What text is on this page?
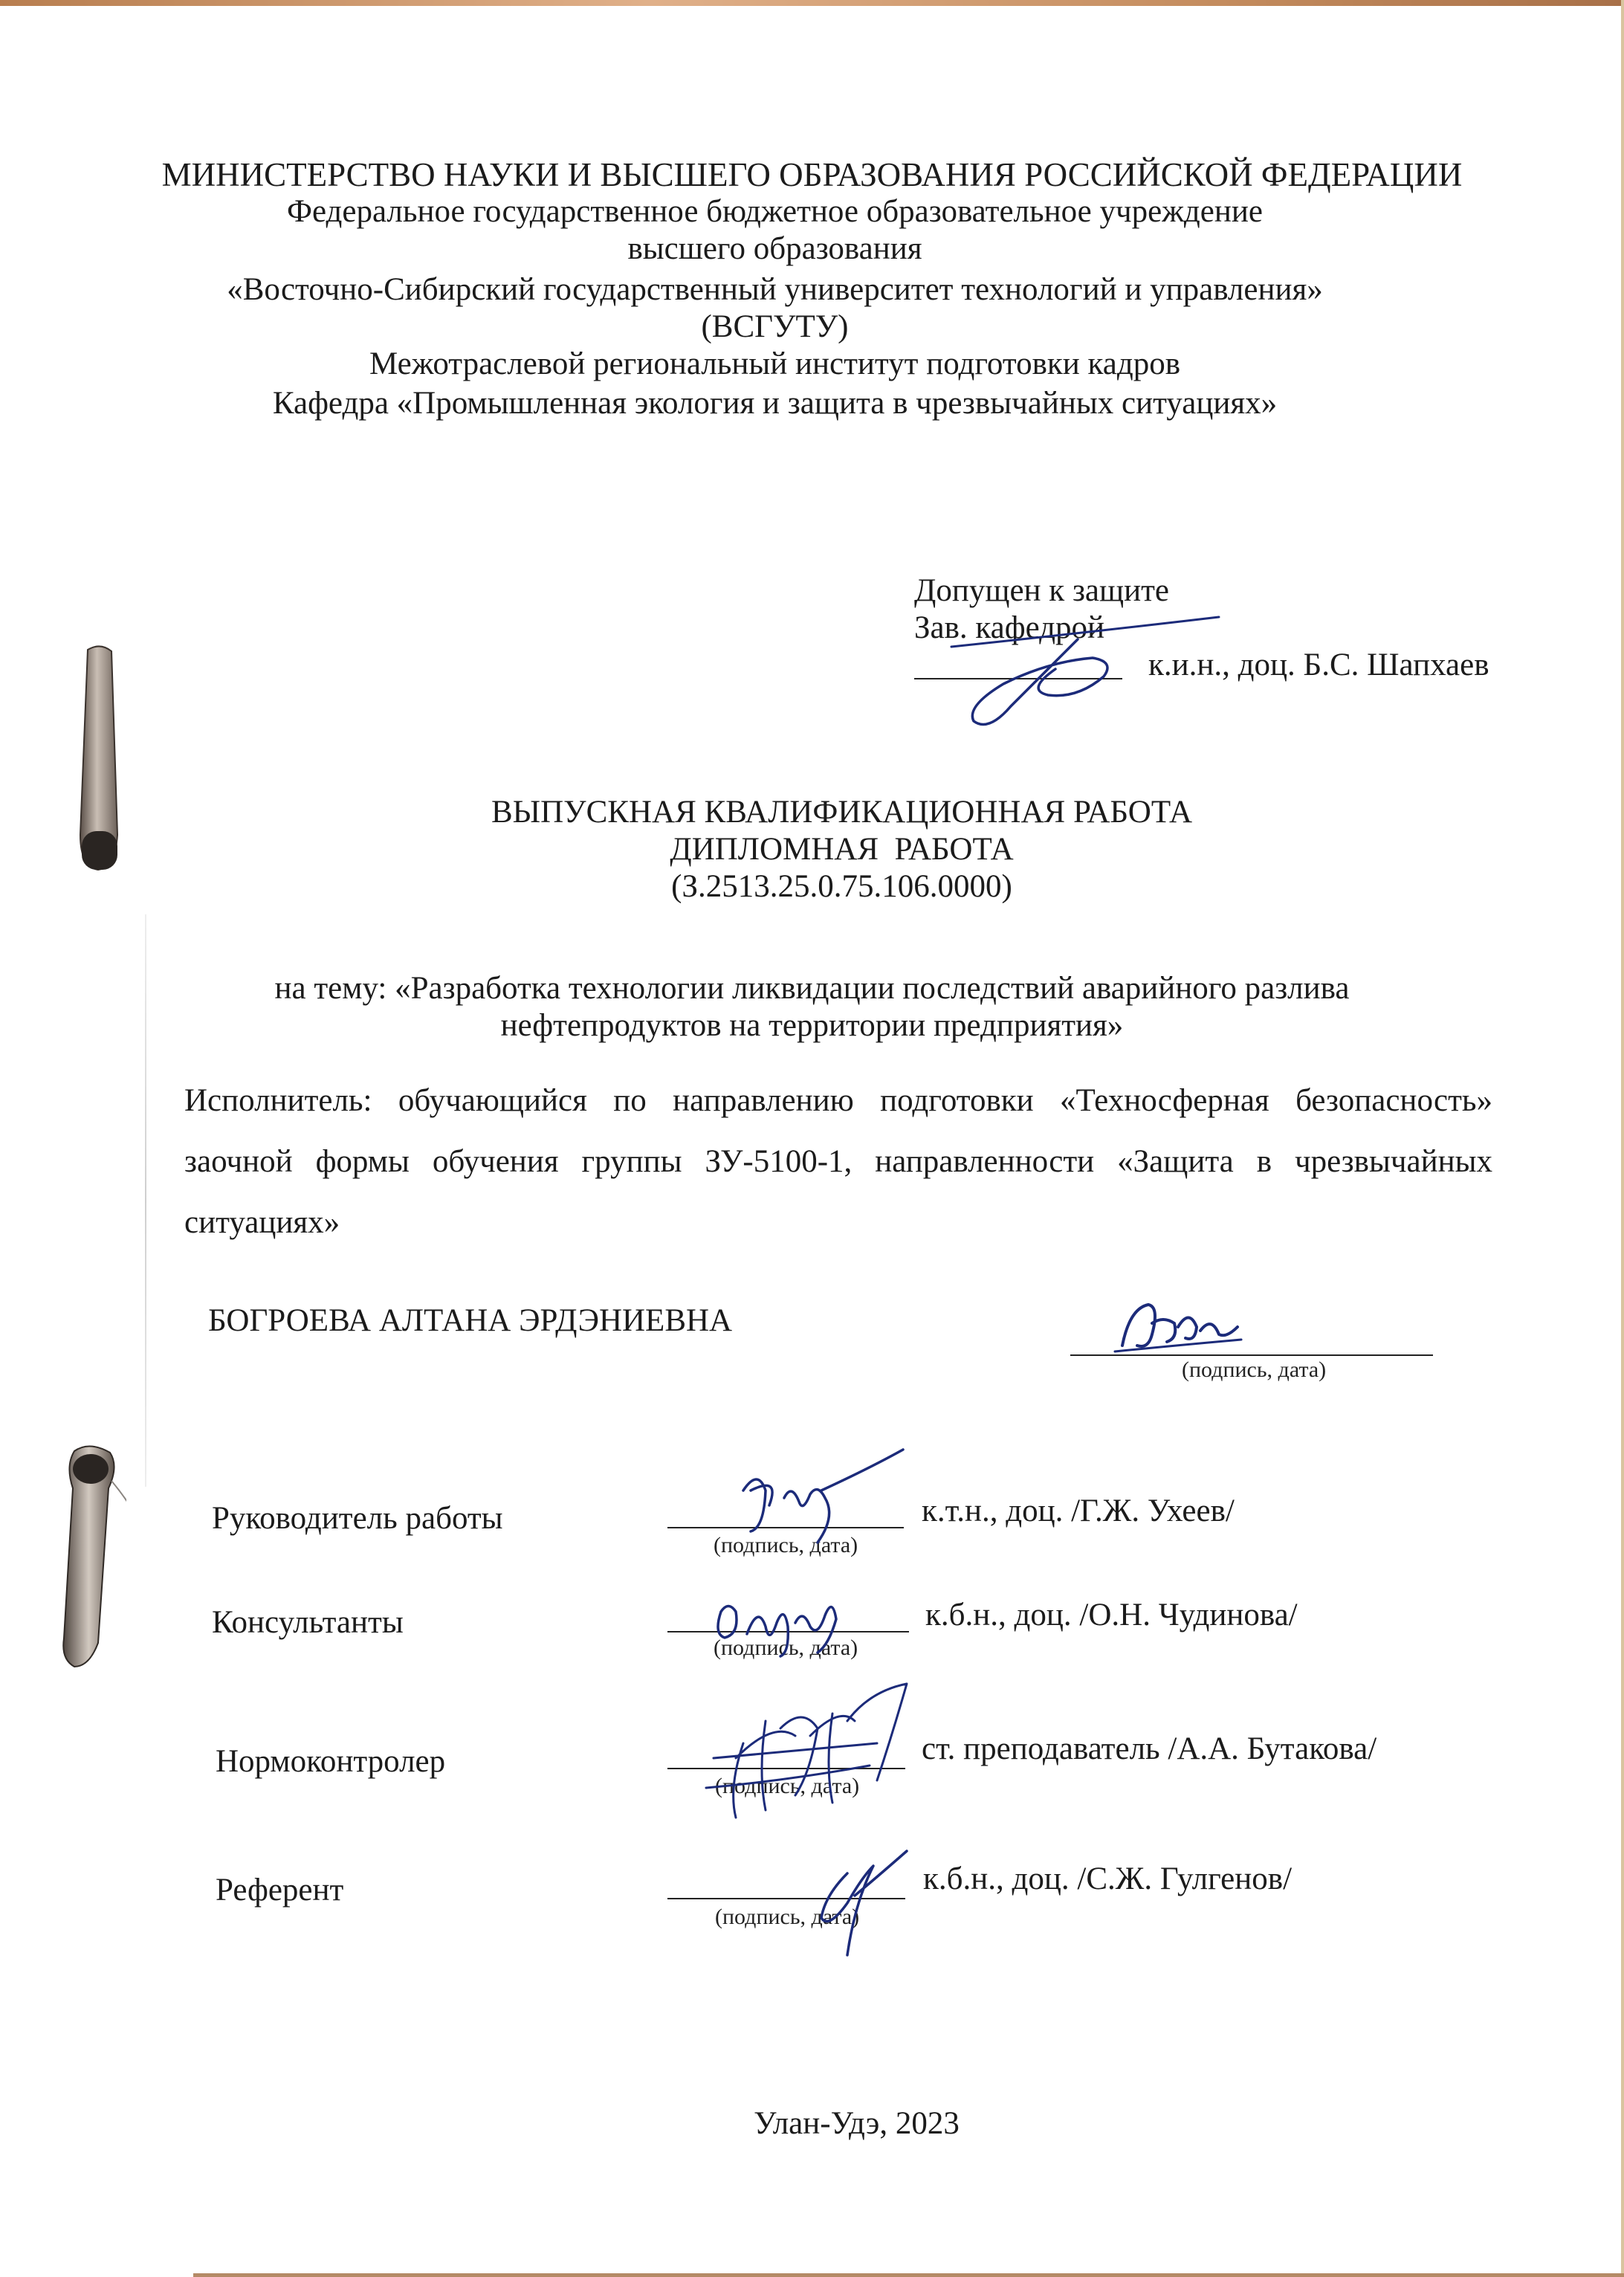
МИНИСТЕРСТВО НАУКИ И ВЫСШЕГО ОБРАЗОВАНИЯ РОССИЙСКОЙ ФЕДЕРАЦИИ
Федеральное государственное бюджетное образовательное учреждение
высшего образования
«Восточно-Сибирский государственный университет технологий и управления»
(ВСГУТУ)
Межотраслевой региональный институт подготовки кадров
Кафедра «Промышленная экология и защита в чрезвычайных ситуациях»
Допущен к защите
Зав. кафедрой
к.и.н., доц. Б.С. Шапхаев
ВЫПУСКНАЯ КВАЛИФИКАЦИОННАЯ РАБОТА
ДИПЛОМНАЯ  РАБОТА
(З.2513.25.0.75.106.0000)
на тему: «Разработка технологии ликвидации последствий аварийного разлива
нефтепродуктов на территории предприятия»
Исполнитель: обучающийся по направлению подготовки «Техносферная безопасность» заочной формы обучения группы ЗУ-5100-1, направленности «Защита в чрезвычайных ситуациях»
БОГРОЕВА АЛТАНА ЭРДЭНИЕВНА
(подпись, дата)
Руководитель работы
(подпись, дата)
к.т.н., доц. /Г.Ж. Ухеев/
Консультанты
(подпись, дата)
к.б.н., доц. /О.Н. Чудинова/
Нормоконтролер
(подпись, дата)
ст. преподаватель /А.А. Бутакова/
Референт
(подпись, дата)
к.б.н., доц. /С.Ж. Гулгенов/
Улан-Удэ, 2023
